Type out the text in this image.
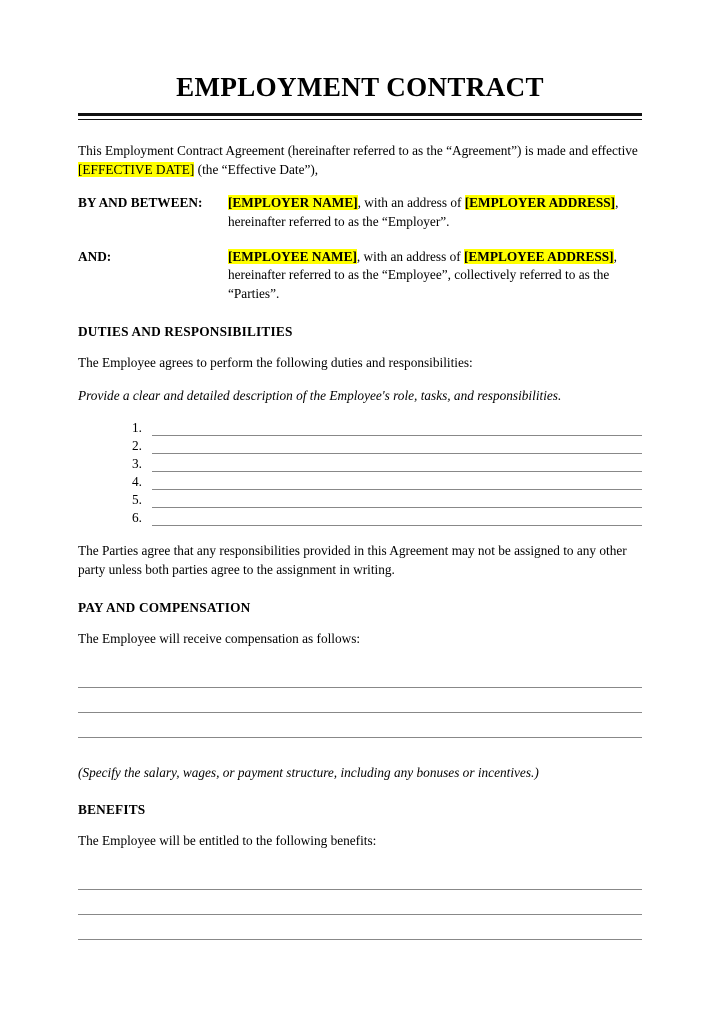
EMPLOYMENT CONTRACT

This Employment Contract Agreement (hereinafter referred to as the “Agreement”) is made and effective [EFFECTIVE DATE] (the “Effective Date”),

BY AND BETWEEN:	[EMPLOYER NAME], with an address of [EMPLOYER ADDRESS], hereinafter referred to as the “Employer”.
AND:	[EMPLOYEE NAME], with an address of [EMPLOYEE ADDRESS], hereinafter referred to as the “Employee”, collectively referred to as the “Parties”.
DUTIES AND RESPONSIBILITIES

The Employee agrees to perform the following duties and responsibilities:

Provide a clear and detailed description of the Employee's role, tasks, and responsibilities.

1.
2.
3.
4.
5.
6.

The Parties agree that any responsibilities provided in this Agreement may not be assigned to any other party unless both parties agree to the assignment in writing.

PAY AND COMPENSATION

The Employee will receive compensation as follows:

(Specify the salary, wages, or payment structure, including any bonuses or incentives.)

BENEFITS

The Employee will be entitled to the following benefits:
